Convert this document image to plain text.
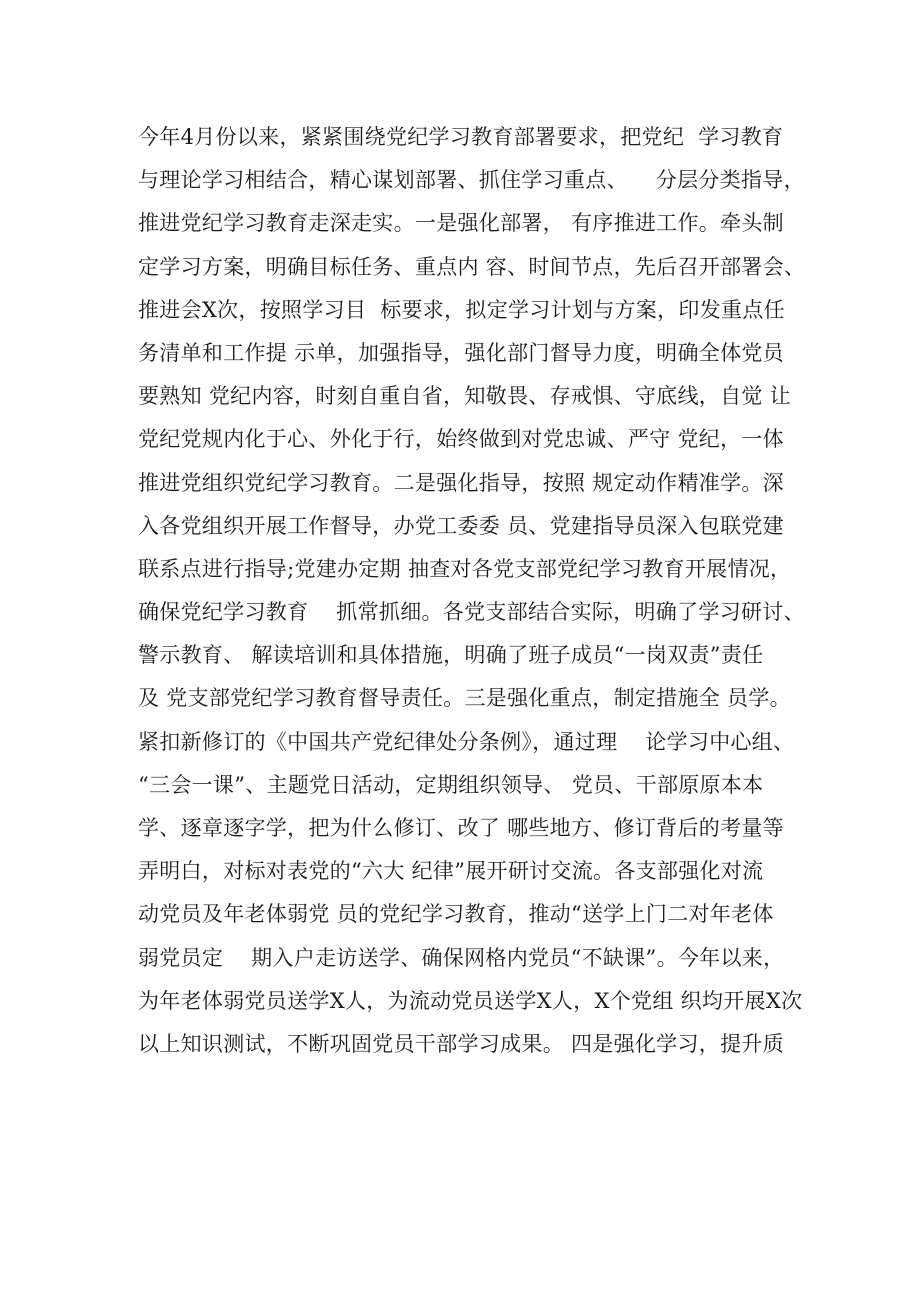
今年4月份以来，紧紧围绕党纪学习教育部署要求，把党纪  学习教育
与理论学习相结合，精心谋划部署、抓住学习重点、    分层分类指导，
推进党纪学习教育走深走实。一是强化部署， 有序推进工作。牵头制
定学习方案，明确目标任务、重点内 容、时间节点，先后召开部署会、
推进会X次，按照学习目  标要求，拟定学习计划与方案，印发重点任
务清单和工作提 示单，加强指导，强化部门督导力度，明确全体党员
要熟知 党纪内容，时刻自重自省，知敬畏、存戒惧、守底线，自觉 让
党纪党规内化于心、外化于行，始终做到对党忠诚、严守 党纪，一体
推进党组织党纪学习教育。二是强化指导，按照 规定动作精准学。深
入各党组织开展工作督导，办党工委委 员、党建指导员深入包联党建
联系点进行指导;党建办定期 抽查对各党支部党纪学习教育开展情况，
确保党纪学习教育    抓常抓细。各党支部结合实际，明确了学习研讨、
警示教育、 解读培训和具体措施，明确了班子成员“一岗双责”责任
及 党支部党纪学习教育督导责任。三是强化重点，制定措施全 员学。
紧扣新修订的《中国共产党纪律处分条例》，通过理    论学习中心组、
“三会一课”、主题党日活动，定期组织领导、 党员、干部原原本本
学、逐章逐字学，把为什么修订、改了 哪些地方、修订背后的考量等
弄明白，对标对表党的“六大 纪律”展开研讨交流。各支部强化对流
动党员及年老体弱党 员的党纪学习教育，推动“送学上门二对年老体
弱党员定    期入户走访送学、确保网格内党员“不缺课”。今年以来，
为年老体弱党员送学X人，为流动党员送学X人，X个党组 织均开展X次
以上知识测试，不断巩固党员干部学习成果。 四是强化学习，提升质
